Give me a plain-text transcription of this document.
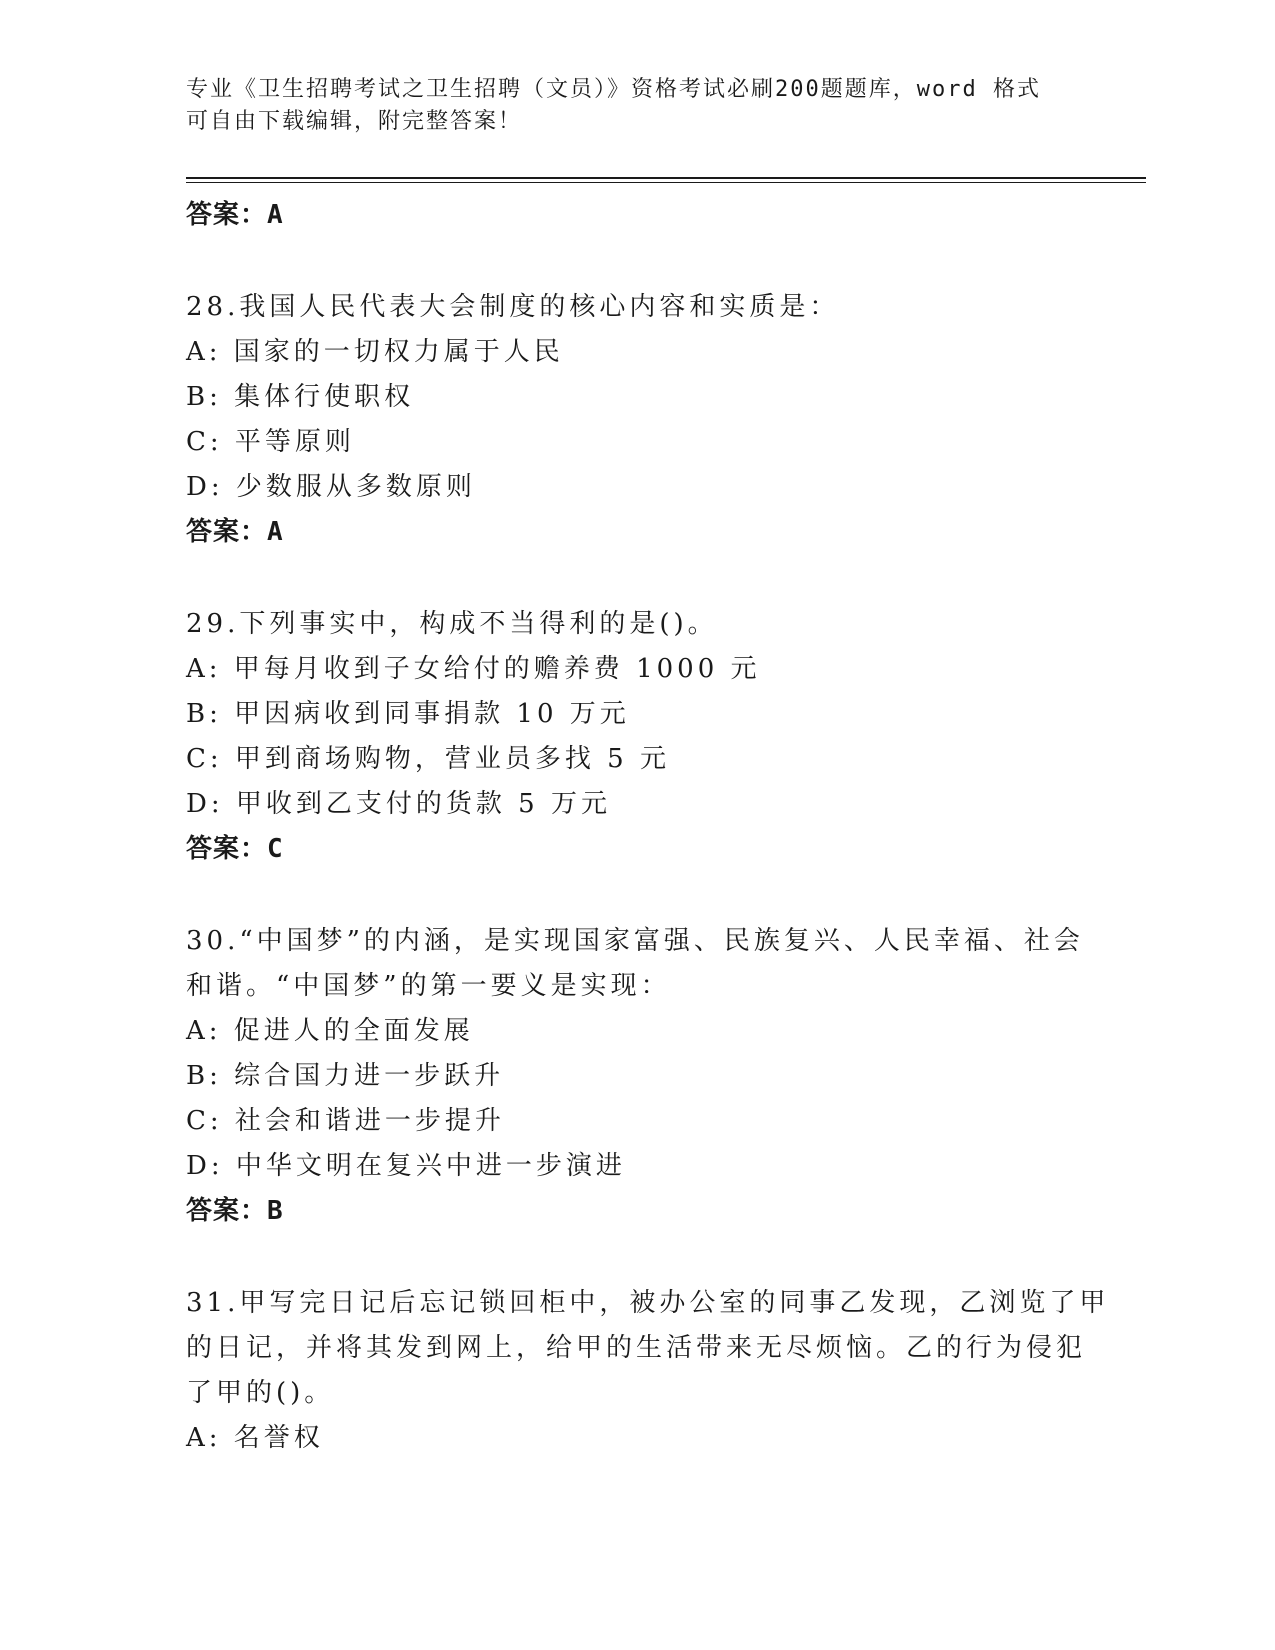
专业《卫生招聘考试之卫生招聘（文员）》资格考试必刷200题题库，word 格式
可自由下载编辑，附完整答案！
答案：A
28.我国人民代表大会制度的核心内容和实质是：
A: 国家的一切权力属于人民
B: 集体行使职权
C: 平等原则
D: 少数服从多数原则
答案：A
29.下列事实中，构成不当得利的是()。
A: 甲每月收到子女给付的赡养费 1000 元
B: 甲因病收到同事捐款 10 万元
C: 甲到商场购物，营业员多找 5 元
D: 甲收到乙支付的货款 5 万元
答案：C
30.“中国梦”的内涵，是实现国家富强、民族复兴、人民幸福、社会
和谐。“中国梦”的第一要义是实现：
A: 促进人的全面发展
B: 综合国力进一步跃升
C: 社会和谐进一步提升
D: 中华文明在复兴中进一步演进
答案：B
31.甲写完日记后忘记锁回柜中，被办公室的同事乙发现，乙浏览了甲
的日记，并将其发到网上，给甲的生活带来无尽烦恼。乙的行为侵犯
了甲的()。
A: 名誉权
